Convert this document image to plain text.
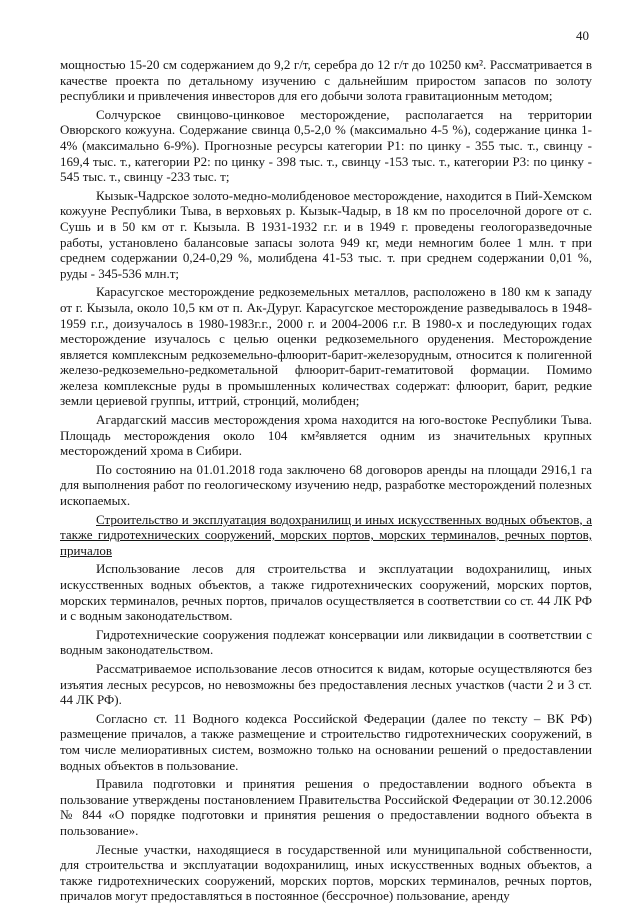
40

мощностью 15-20 см содержанием до 9,2 г/т, серебра до 12 г/т до 10250 км². Рассматривается в качестве проекта по детальному изучению с дальнейшим приростом запасов по золоту республики и привлечения инвесторов для его добычи золота гравитационным методом;

Солчурское свинцово-цинковое месторождение, располагается на территории Овюрского кожууна. Содержание свинца 0,5-2,0 % (максимально 4-5 %), содержание цинка 1-4% (максимально 6-9%). Прогнозные ресурсы категории Р1: по цинку - 355 тыс. т., свинцу - 169,4 тыс. т., категории Р2: по цинку - 398 тыс. т., свинцу -153 тыс. т., категории Р3: по цинку - 545 тыс. т., свинцу -233 тыс. т;

Кызык-Чадрское золото-медно-молибденовое месторождение, находится в Пий-Хемском кожууне Республики Тыва, в верховьях р. Кызык-Чадыр, в 18 км по проселочной дороге от с. Сушь и в 50 км от г. Кызыла. В 1931-1932 г.г. и в 1949 г. проведены геологоразведочные работы, установлено балансовые запасы золота 949 кг, меди немногим более 1 млн. т при среднем содержании 0,24-0,29 %, молибдена 41-53 тыс. т. при среднем содержании 0,01 %, руды - 345-536 млн.т;

Карасугское месторождение редкоземельных металлов, расположено в 180 км к западу от г. Кызыла, около 10,5 км от п. Ак-Дуруг. Карасугское месторождение разведывалось в 1948-1959 г.г., доизучалось в 1980-1983г.г., 2000 г. и 2004-2006 г.г. В 1980-х и последующих годах месторождение изучалось с целью оценки редкоземельного оруденения. Месторождение является комплексным редкоземельно-флюорит-барит-железорудным, относится к полигенной железо-редкоземельно-редкометальной флюорит-барит-гематитовой формации. Помимо железа комплексные руды в промышленных количествах содержат: флюорит, барит, редкие земли цериевой группы, иттрий, стронций, молибден;

Агардагский массив месторождения хрома находится на юго-востоке Республики Тыва. Площадь месторождения около 104 км²является одним из значительных крупных месторождений хрома в Сибири.

По состоянию на 01.01.2018 года заключено 68 договоров аренды на площади 2916,1 га для выполнения работ по геологическому изучению недр, разработке месторождений полезных ископаемых.

Строительство и эксплуатация водохранилищ и иных искусственных водных объектов, а также гидротехнических сооружений, морских портов, морских терминалов, речных портов, причалов

Использование лесов для строительства и эксплуатации водохранилищ, иных искусственных водных объектов, а также гидротехнических сооружений, морских портов, морских терминалов, речных портов, причалов осуществляется в соответствии со ст. 44 ЛК РФ и с водным законодательством.

Гидротехнические сооружения подлежат консервации или ликвидации в соответствии с водным законодательством.

Рассматриваемое использование лесов относится к видам, которые осуществляются без изъятия лесных ресурсов, но невозможны без предоставления лесных участков (части 2 и 3 ст. 44 ЛК РФ).

Согласно ст. 11 Водного кодекса Российской Федерации (далее по тексту – ВК РФ) размещение причалов, а также размещение и строительство гидротехнических сооружений, в том числе мелиоративных систем, возможно только на основании решений о предоставлении водных объектов в пользование.

Правила подготовки и принятия решения о предоставлении водного объекта в пользование утверждены постановлением Правительства Российской Федерации от 30.12.2006 № 844 «О порядке подготовки и принятия решения о предоставлении водного объекта в пользование».

Лесные участки, находящиеся в государственной или муниципальной собственности, для строительства и эксплуатации водохранилищ, иных искусственных водных объектов, а также гидротехнических сооружений, морских портов, морских терминалов, речных портов, причалов могут предоставляться в постоянное (бессрочное) пользование, аренду
